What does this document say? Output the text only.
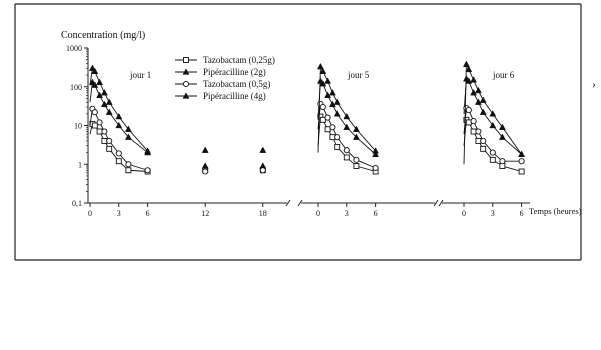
Concentration (mg/l)
Temps (heures)
›
1000
100
10
1
0,1
0	3	6	12	18	0	3	6	0	3	6
jour 1	jour 5	jour 6
Tazobactam (0,25g)
Pipéracilline (2g)
Tazobactam (0,5g)
Pipéracilline (4g)
